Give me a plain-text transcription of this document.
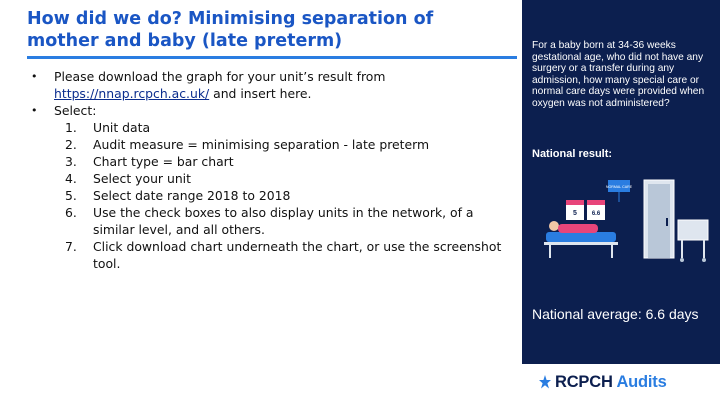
How did we do? Minimising separation of mother and baby (late preterm)
• Please download the graph for your unit’s result from https://nnap.rcpch.ac.uk/ and insert here.
• Select:
1. Unit data
2. Audit measure = minimising separation - late preterm
3. Chart type = bar chart
4. Select your unit
5. Select date range 2018 to 2018
6. Use the check boxes to also display units in the network, of a similar level, and all others.
7. Click download chart underneath the chart, or use the screenshot tool.
For a baby born at 34-36 weeks gestational age, who did not have any surgery or a transfer during any admission, how many special care or normal care days were provided when oxygen was not administered?
National result:
NORMAL CARE
5 6.6
National average: 6.6 days
RCPCH Audits
